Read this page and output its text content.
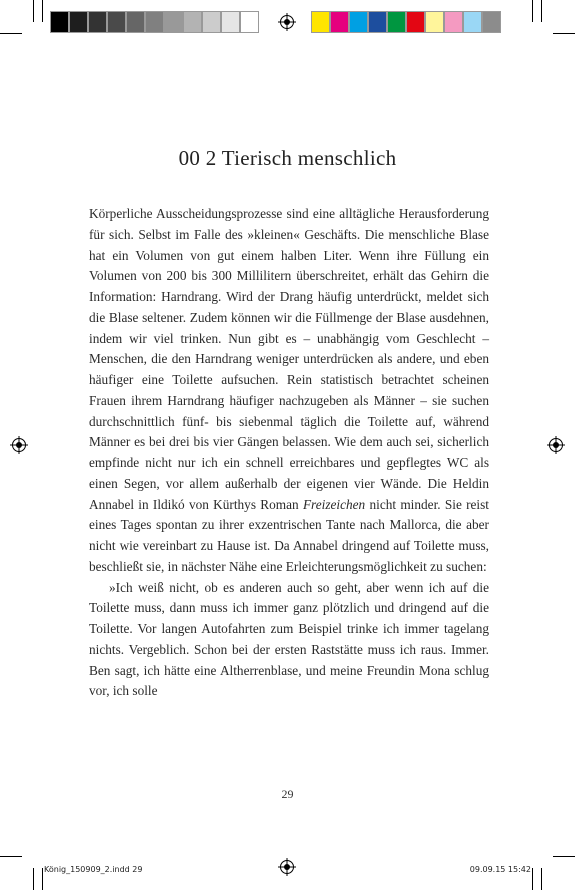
00 2 Tierisch menschlich

Körperliche Ausscheidungsprozesse sind eine alltägliche Herausforderung für sich. Selbst im Falle des »kleinen« Geschäfts. Die menschliche Blase hat ein Volumen von gut einem halben Liter. Wenn ihre Füllung ein Volumen von 200 bis 300 Millilitern überschreitet, erhält das Gehirn die Information: Harndrang. Wird der Drang häufig unterdrückt, meldet sich die Blase seltener. Zudem können wir die Füllmenge der Blase ausdehnen, indem wir viel trinken. Nun gibt es – unabhängig vom Geschlecht – Menschen, die den Harndrang weniger unterdrücken als andere, und eben häufiger eine Toilette aufsuchen. Rein statistisch betrachtet scheinen Frauen ihrem Harndrang häufiger nachzugeben als Männer – sie suchen durchschnittlich fünf- bis siebenmal täglich die Toilette auf, während Männer es bei drei bis vier Gängen belassen. Wie dem auch sei, sicherlich empfinde nicht nur ich ein schnell erreichbares und gepflegtes WC als einen Segen, vor allem außerhalb der eigenen vier Wände. Die Heldin Annabel in Ildikó von Kürthys Roman Freizeichen nicht minder. Sie reist eines Tages spontan zu ihrer exzentrischen Tante nach Mallorca, die aber nicht wie vereinbart zu Hause ist. Da Annabel dringend auf Toilette muss, beschließt sie, in nächster Nähe eine Erleichterungsmöglichkeit zu suchen:

»Ich weiß nicht, ob es anderen auch so geht, aber wenn ich auf die Toilette muss, dann muss ich immer ganz plötzlich und dringend auf die Toilette. Vor langen Autofahrten zum Beispiel trinke ich immer tagelang nichts. Vergeblich. Schon bei der ersten Raststätte muss ich raus. Immer. Ben sagt, ich hätte eine Altherrenblase, und meine Freundin Mona schlug vor, ich solle

29
König_150909_2.indd 29	09.09.15 15:42
